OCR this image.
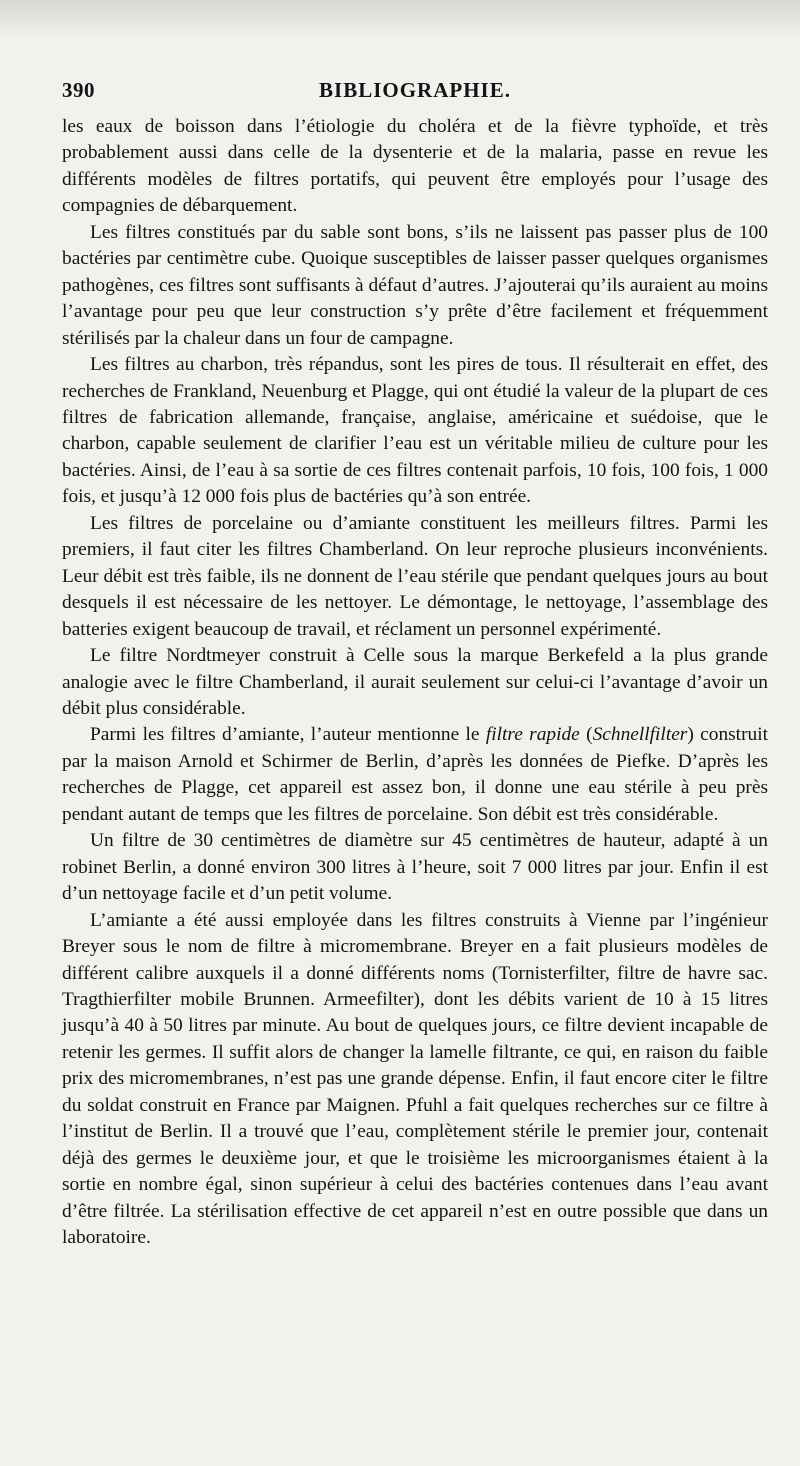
390	BIBLIOGRAPHIE.

les eaux de boisson dans l’étiologie du choléra et de la fièvre typhoïde, et très probablement aussi dans celle de la dysenterie et de la malaria, passe en revue les différents modèles de filtres portatifs, qui peuvent être employés pour l’usage des compagnies de débarquement.

Les filtres constitués par du sable sont bons, s’ils ne laissent pas passer plus de 100 bactéries par centimètre cube. Quoique susceptibles de laisser passer quelques organismes pathogènes, ces filtres sont suffisants à défaut d’autres. J’ajouterai qu’ils auraient au moins l’avantage pour peu que leur construction s’y prête d’être facilement et fréquemment stérilisés par la chaleur dans un four de campagne.

Les filtres au charbon, très répandus, sont les pires de tous. Il résulterait en effet, des recherches de Frankland, Neuenburg et Plagge, qui ont étudié la valeur de la plupart de ces filtres de fabrication allemande, française, anglaise, américaine et suédoise, que le charbon, capable seulement de clarifier l’eau est un véritable milieu de culture pour les bactéries. Ainsi, de l’eau à sa sortie de ces filtres contenait parfois, 10 fois, 100 fois, 1 000 fois, et jusqu’à 12 000 fois plus de bactéries qu’à son entrée.

Les filtres de porcelaine ou d’amiante constituent les meilleurs filtres. Parmi les premiers, il faut citer les filtres Chamberland. On leur reproche plusieurs inconvénients. Leur débit est très faible, ils ne donnent de l’eau stérile que pendant quelques jours au bout desquels il est nécessaire de les nettoyer. Le démontage, le nettoyage, l’assemblage des batteries exigent beaucoup de travail, et réclament un personnel expérimenté.

Le filtre Nordtmeyer construit à Celle sous la marque Berkefeld a la plus grande analogie avec le filtre Chamberland, il aurait seulement sur celui-ci l’avantage d’avoir un débit plus considérable.

Parmi les filtres d’amiante, l’auteur mentionne le filtre rapide (Schnellfilter) construit par la maison Arnold et Schirmer de Berlin, d’après les données de Piefke. D’après les recherches de Plagge, cet appareil est assez bon, il donne une eau stérile à peu près pendant autant de temps que les filtres de porcelaine. Son débit est très considérable.

Un filtre de 30 centimètres de diamètre sur 45 centimètres de hauteur, adapté à un robinet Berlin, a donné environ 300 litres à l’heure, soit 7 000 litres par jour. Enfin il est d’un nettoyage facile et d’un petit volume.

L’amiante a été aussi employée dans les filtres construits à Vienne par l’ingénieur Breyer sous le nom de filtre à micromembrane. Breyer en a fait plusieurs modèles de différent calibre auxquels il a donné différents noms (Tornisterfilter, filtre de havre sac. Tragthierfilter mobile Brunnen. Armeefilter), dont les débits varient de 10 à 15 litres jusqu’à 40 à 50 litres par minute. Au bout de quelques jours, ce filtre devient incapable de retenir les germes. Il suffit alors de changer la lamelle filtrante, ce qui, en raison du faible prix des micromembranes, n’est pas une grande dépense. Enfin, il faut encore citer le filtre du soldat construit en France par Maignen. Pfuhl a fait quelques recherches sur ce filtre à l’institut de Berlin. Il a trouvé que l’eau, complètement stérile le premier jour, contenait déjà des germes le deuxième jour, et que le troisième les microorganismes étaient à la sortie en nombre égal, sinon supérieur à celui des bactéries contenues dans l’eau avant d’être filtrée. La stérilisation effective de cet appareil n’est en outre possible que dans un laboratoire.
